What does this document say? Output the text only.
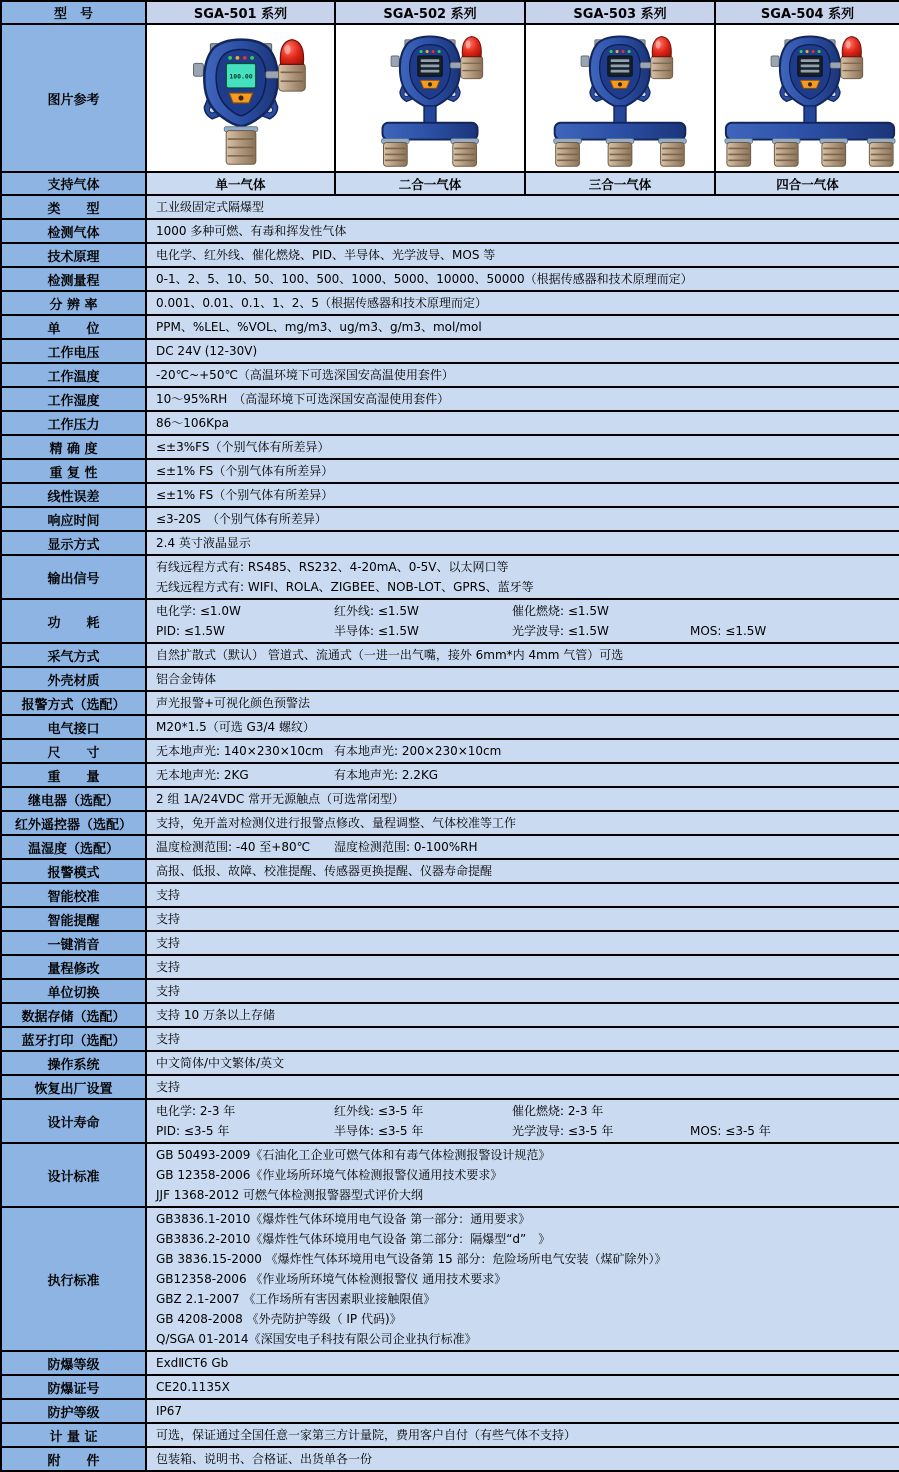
型　号	SGA-501 系列	SGA-502 系列	SGA-503 系列	SGA-504 系列
图片参考	100.00

支持气体	单一气体	二合一气体	三合一气体	四合一气体
类　　型	工业级固定式隔爆型			

检测气体	1000 多种可燃、有毒和挥发性气体			

技术原理	电化学、红外线、催化燃烧、PID、半导体、光学波导、MOS 等			

检测量程	0-1、2、5、10、50、100、500、1000、5000、10000、50000（根据传感器和技术原理而定）			

分 辨 率	0.001、0.01、0.1、1、2、5（根据传感器和技术原理而定）			

单　　位	PPM、%LEL、%VOL、mg/m3、ug/m3、g/m3、mol/mol			

工作电压	DC 24V (12-30V)			

工作温度	-20℃~+50℃（高温环境下可选深国安高温使用套件）			

工作湿度	10～95%RH　（高湿环境下可选深国安高湿使用套件）			

工作压力	86～106Kpa			

精 确 度	≤±3%FS（个别气体有所差异）			

重 复 性	≤±1% FS（个别气体有所差异）			

线性误差	≤±1% FS（个别气体有所差异）			

响应时间	≤3-20S　（个别气体有所差异）			

显示方式	2.4 英寸液晶显示			

输出信号	有线远程方式有: RS485、RS232、4-20mA、0-5V、以太网口等
无线远程方式有: WIFI、ROLA、ZIGBEE、NOB-LOT、GPRS、蓝牙等			

功　　耗	电化学: ≤1.0W 红外线: ≤1.5W 催化燃烧: ≤1.5W
PID: ≤1.5W 半导体: ≤1.5W 光学波导: ≤1.5W MOS: ≤1.5W			

采气方式	自然扩散式（默认） 管道式、流通式（一进一出气嘴，接外 6mm*内 4mm 气管）可选			

外壳材质	铝合金铸体			

报警方式（选配）	声光报警+可视化颜色预警法			

电气接口	M20*1.5（可选 G3/4 螺纹）			

尺　　寸	无本地声光: 140×230×10cm 有本地声光: 200×230×10cm			

重　　量	无本地声光: 2KG 有本地声光: 2.2KG			

继电器（选配）	2 组 1A/24VDC 常开无源触点（可选常闭型）			

红外遥控器（选配）	支持，免开盖对检测仪进行报警点修改、量程调整、气体校准等工作			

温湿度（选配）	温度检测范围: -40 至+80℃ 湿度检测范围: 0-100%RH			

报警模式	高报、低报、故障、校准提醒、传感器更换提醒、仪器寿命提醒			

智能校准	支持			

智能提醒	支持			

一键消音	支持			

量程修改	支持			

单位切换	支持			

数据存储（选配）	支持 10 万条以上存储			

蓝牙打印（选配）	支持			

操作系统	中文简体/中文繁体/英文			

恢复出厂设置	支持			

设计寿命	电化学: 2-3 年 红外线: ≤3-5 年 催化燃烧: 2-3 年
PID: ≤3-5 年 半导体: ≤3-5 年 光学波导: ≤3-5 年 MOS: ≤3-5 年			

设计标准	GB 50493-2009《石油化工企业可燃气体和有毒气体检测报警设计规范》
GB 12358-2006《作业场所环境气体检测报警仪通用技术要求》
JJF 1368-2012 可燃气体检测报警器型式评价大纲			

执行标准	
GB3836.1-2010《爆炸性气体环境用电气设备 第一部分：通用要求》
GB3836.2-2010《爆炸性气体环境用电气设备 第二部分：隔爆型“d”　》
GB 3836.15-2000 《爆炸性气体环境用电气设备第 15 部分：危险场所电气安装（煤矿除外）》
GB12358-2006 《作业场所环境气体检测报警仪 通用技术要求》
GBZ 2.1-2007 《工作场所有害因素职业接触限值》
GB 4208-2008 《外壳防护等级（ IP 代码)》
Q/SGA 01-2014《深国安电子科技有限公司企业执行标准》

防爆等级	ExdⅡCT6 Gb			

防爆证号	CE20.1135X			

防护等级	IP67			

计 量 证	可选，保证通过全国任意一家第三方计量院，费用客户自付（有些气体不支持）			

附　　件	包装箱、说明书、合格证、出货单各一份			
